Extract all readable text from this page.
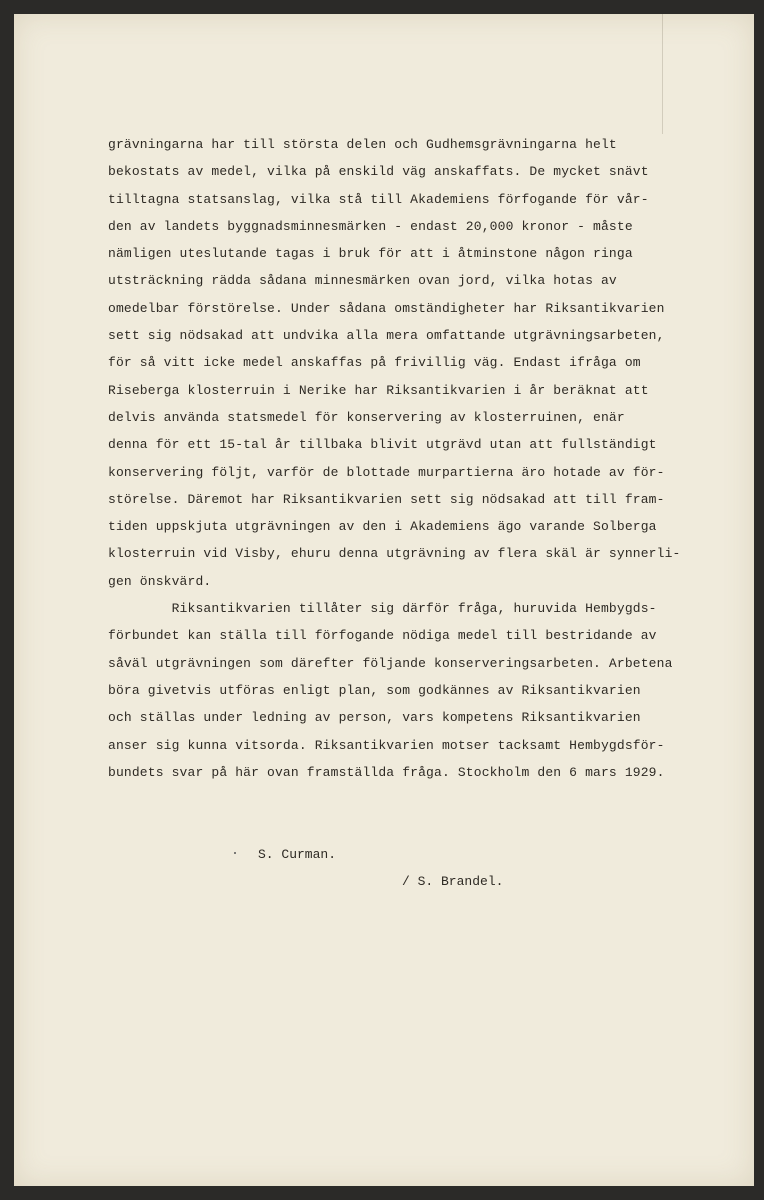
grävningarna har till största delen och Gudhemsgrävningarna helt
bekostats av medel, vilka på enskild väg anskaffats. De mycket snävt
tilltagna statsanslag, vilka stå till Akademiens förfogande för vår-
den av landets byggnadsminnesmärken - endast 20,000 kronor - måste
nämligen uteslutande tagas i bruk för att i åtminstone någon ringa
utsträckning rädda sådana minnesmärken ovan jord, vilka hotas av
omedelbar förstörelse. Under sådana omständigheter har Riksantikvarien
sett sig nödsakad att undvika alla mera omfattande utgrävningsarbeten,
för så vitt icke medel anskaffas på frivillig väg. Endast ifråga om
Riseberga klosterruin i Nerike har Riksantikvarien i år beräknat att
delvis använda statsmedel för konservering av klosterruinen, enär
denna för ett 15-tal år tillbaka blivit utgrävd utan att fullständigt
konservering följt, varför de blottade murpartierna äro hotade av för-
störelse. Däremot har Riksantikvarien sett sig nödsakad att till fram-
tiden uppskjuta utgrävningen av den i Akademiens ägo varande Solberga
klosterruin vid Visby, ehuru denna utgrävning av flera skäl är synnerli-
gen önskvärd.
Riksantikvarien tillåter sig därför fråga, huruvida Hembygds-
förbundet kan ställa till förfogande nödiga medel till bestridande av
såväl utgrävningen som därefter följande konserveringsarbeten. Arbetena
böra givetvis utföras enligt plan, som godkännes av Riksantikvarien
och ställas under ledning av person, vars kompetens Riksantikvarien
anser sig kunna vitsorda. Riksantikvarien motser tacksamt Hembygdsför-
bundets svar på här ovan framställda fråga. Stockholm den 6 mars 1929.
S. Curman.
/ S. Brandel.
